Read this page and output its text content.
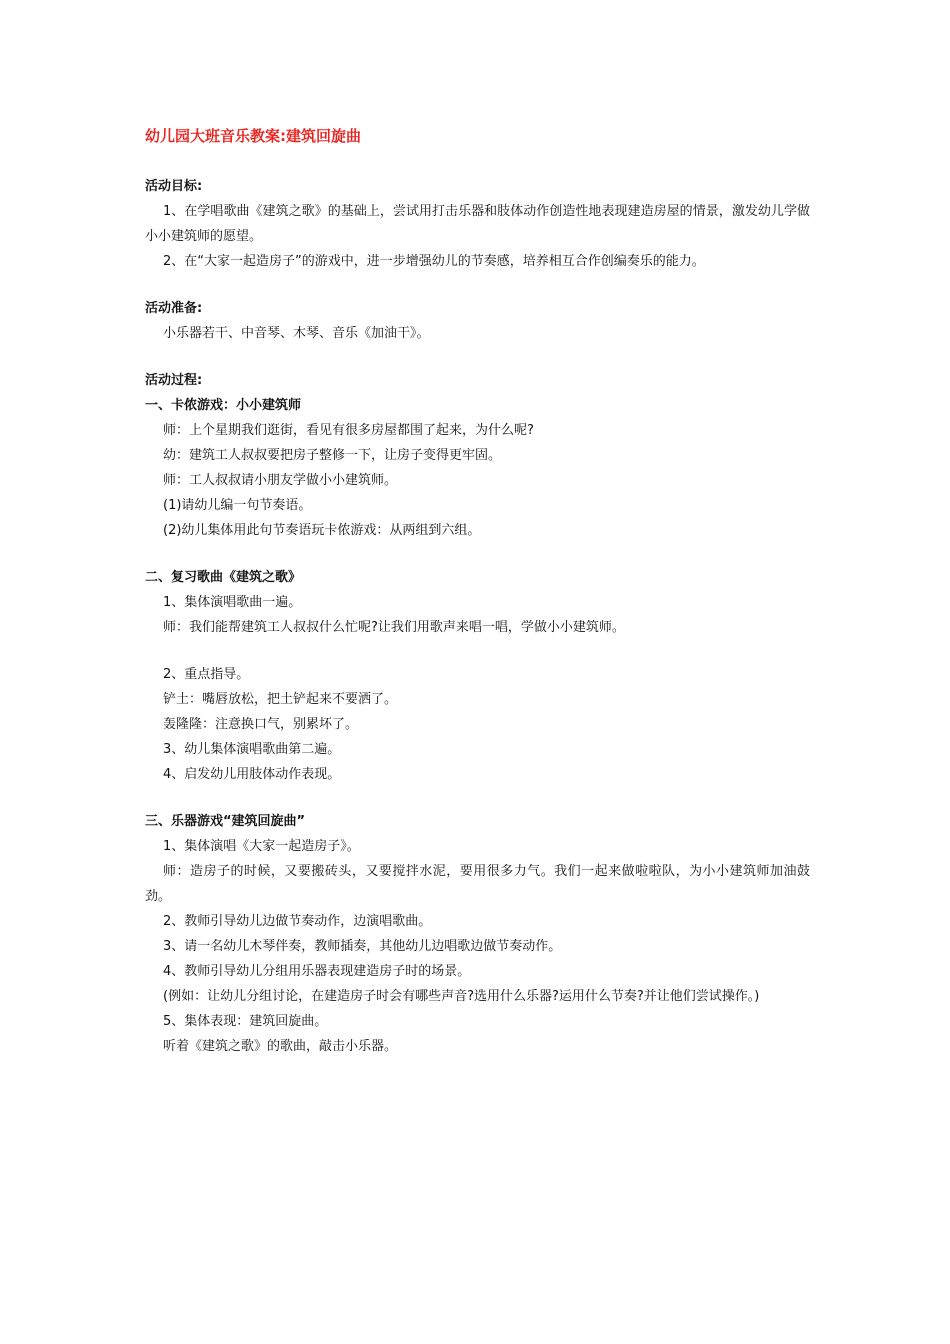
幼儿园大班音乐教案:建筑回旋曲
活动目标:
1、在学唱歌曲《建筑之歌》的基础上，尝试用打击乐器和肢体动作创造性地表现建造房屋的情景，激发幼儿学做小小建筑师的愿望。
2、在“大家一起造房子”的游戏中，进一步增强幼儿的节奏感，培养相互合作创编奏乐的能力。
活动准备:
小乐器若干、中音琴、木琴、音乐《加油干》。
活动过程:
一、卡侬游戏：小小建筑师
师：上个星期我们逛街，看见有很多房屋都围了起来，为什么呢?
幼：建筑工人叔叔要把房子整修一下，让房子变得更牢固。
师：工人叔叔请小朋友学做小小建筑师。
(1)请幼儿编一句节奏语。
(2)幼儿集体用此句节奏语玩卡侬游戏：从两组到六组。
二、复习歌曲《建筑之歌》
1、集体演唱歌曲一遍。
师：我们能帮建筑工人叔叔什么忙呢?让我们用歌声来唱一唱，学做小小建筑师。
2、重点指导。
铲土：嘴唇放松，把土铲起来不要洒了。
轰隆隆：注意换口气，别累坏了。
3、幼儿集体演唱歌曲第二遍。
4、启发幼儿用肢体动作表现。
三、乐器游戏“建筑回旋曲”
1、集体演唱《大家一起造房子》。
师：造房子的时候，又要搬砖头，又要搅拌水泥，要用很多力气。我们一起来做啦啦队，为小小建筑师加油鼓劲。
2、教师引导幼儿边做节奏动作，边演唱歌曲。
3、请一名幼儿木琴伴奏，教师插奏，其他幼儿边唱歌边做节奏动作。
4、教师引导幼儿分组用乐器表现建造房子时的场景。
(例如：让幼儿分组讨论，在建造房子时会有哪些声音?选用什么乐器?运用什么节奏?并让他们尝试操作。)
5、集体表现：建筑回旋曲。
听着《建筑之歌》的歌曲，敲击小乐器。
